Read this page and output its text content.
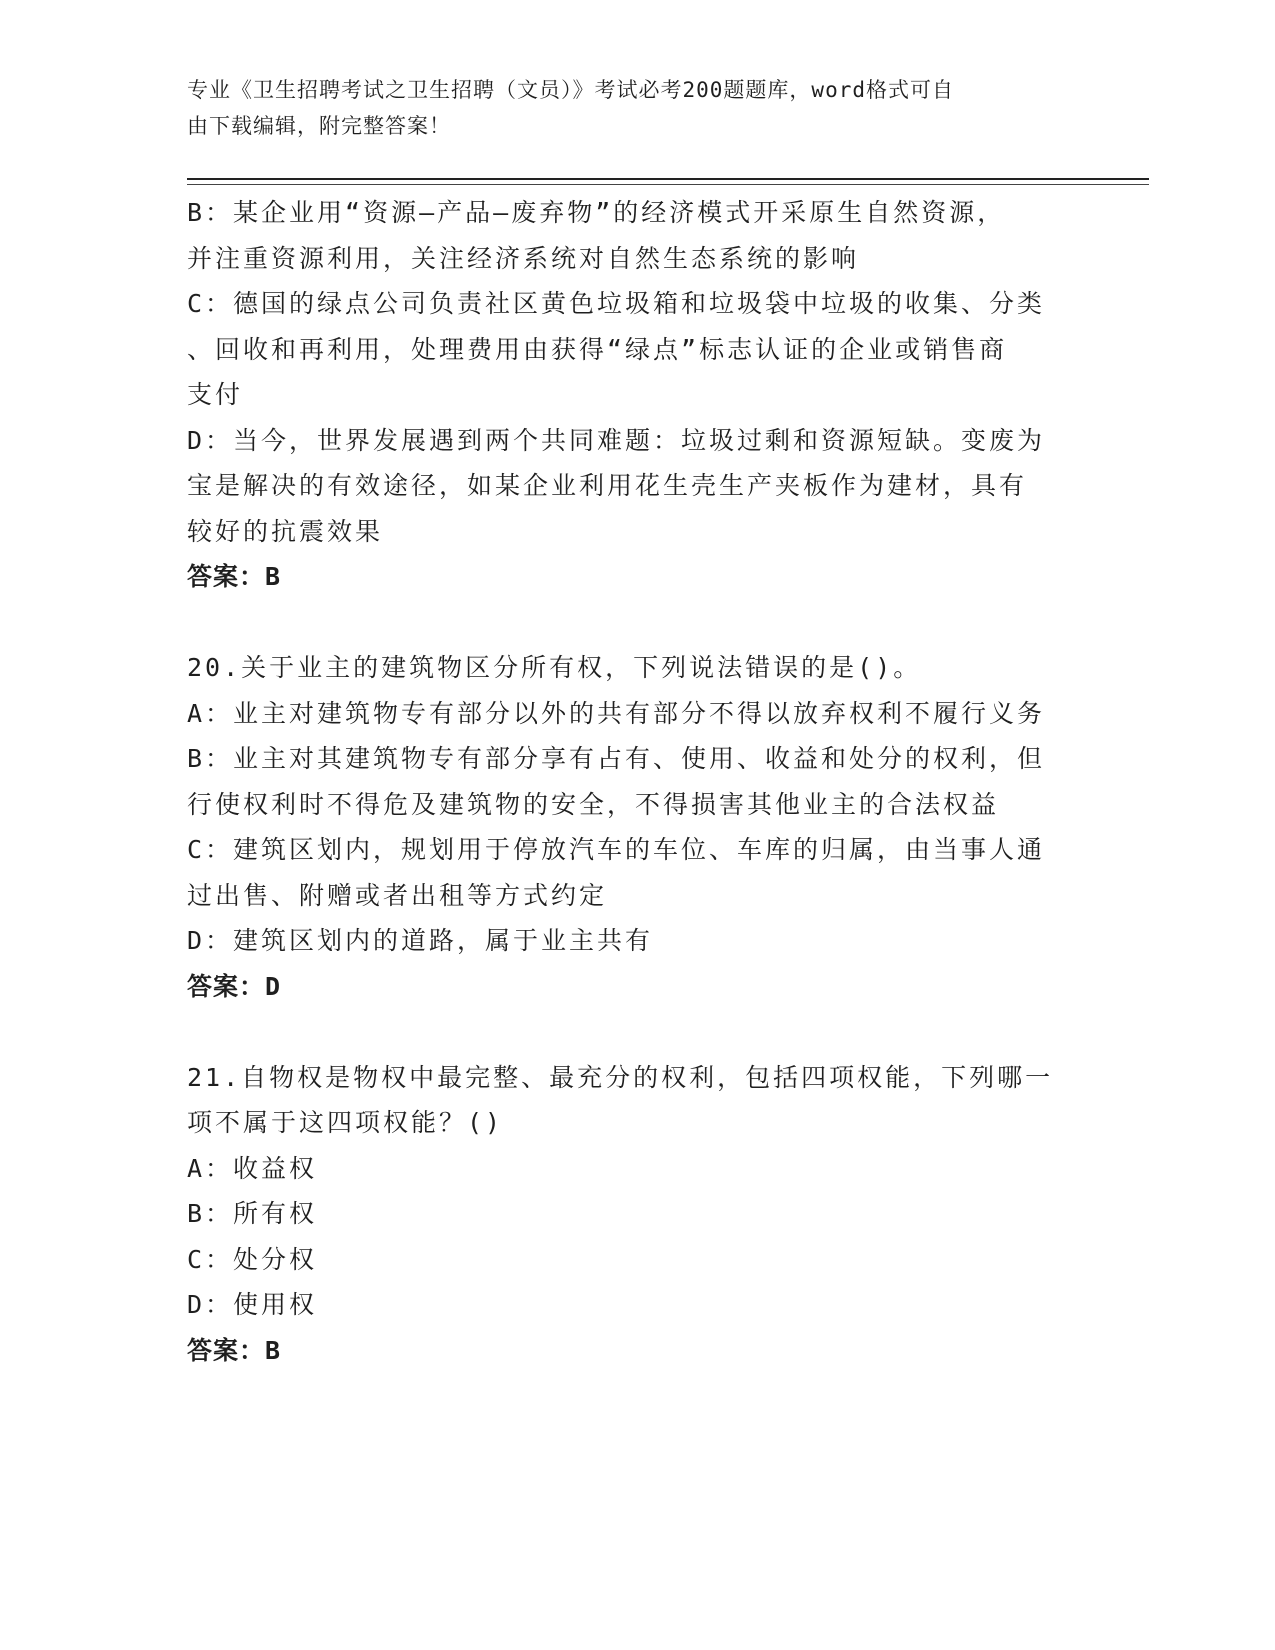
专业《卫生招聘考试之卫生招聘（文员）》考试必考200题题库，word格式可自
由下载编辑，附完整答案！
B：某企业用“资源—产品—废弃物”的经济模式开采原生自然资源，
并注重资源利用，关注经济系统对自然生态系统的影响
C：德国的绿点公司负责社区黄色垃圾箱和垃圾袋中垃圾的收集、分类
、回收和再利用，处理费用由获得“绿点”标志认证的企业或销售商
支付
D：当今，世界发展遇到两个共同难题：垃圾过剩和资源短缺。变废为
宝是解决的有效途径，如某企业利用花生壳生产夹板作为建材，具有
较好的抗震效果
答案：B
20.关于业主的建筑物区分所有权，下列说法错误的是()。
A：业主对建筑物专有部分以外的共有部分不得以放弃权利不履行义务
B：业主对其建筑物专有部分享有占有、使用、收益和处分的权利，但
行使权利时不得危及建筑物的安全，不得损害其他业主的合法权益
C：建筑区划内，规划用于停放汽车的车位、车库的归属，由当事人通
过出售、附赠或者出租等方式约定
D：建筑区划内的道路，属于业主共有
答案：D
21.自物权是物权中最完整、最充分的权利，包括四项权能，下列哪一
项不属于这四项权能？()
A：收益权
B：所有权
C：处分权
D：使用权
答案：B
